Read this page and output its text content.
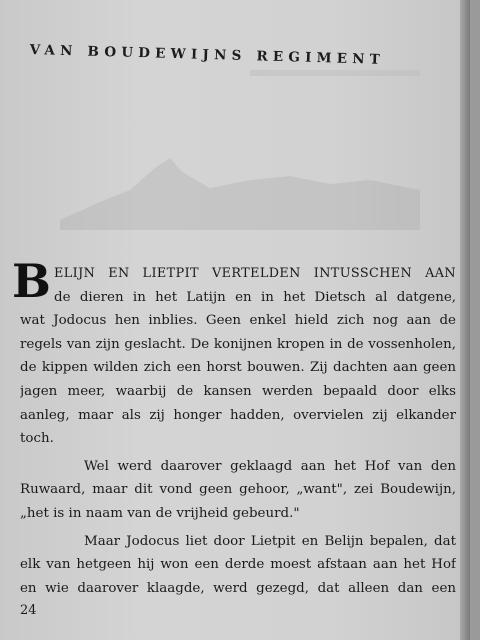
VAN BOUDEWIJNS REGIMENT
B ELIJN EN LIETPIT VERTELDEN INTUSSCHEN AAN
de dieren in het Latijn en in het Dietsch al datgene,
wat Jodocus hen inblies. Geen enkel hield zich nog aan de
regels van zijn geslacht. De konijnen kropen in de vossenholen,
de kippen wilden zich een horst bouwen. Zij dachten aan geen
jagen meer, waarbij de kansen werden bepaald door elks
aanleg, maar als zij honger hadden, overvielen zij elkander
toch.
Wel werd daarover geklaagd aan het Hof van den
Ruwaard, maar dit vond geen gehoor, „want", zei Boudewijn,
„het is in naam van de vrijheid gebeurd."
Maar Jodocus liet door Lietpit en Belijn bepalen, dat
elk van hetgeen hij won een derde moest afstaan aan het Hof
en wie daarover klaagde, werd gezegd, dat alleen dan een
24
